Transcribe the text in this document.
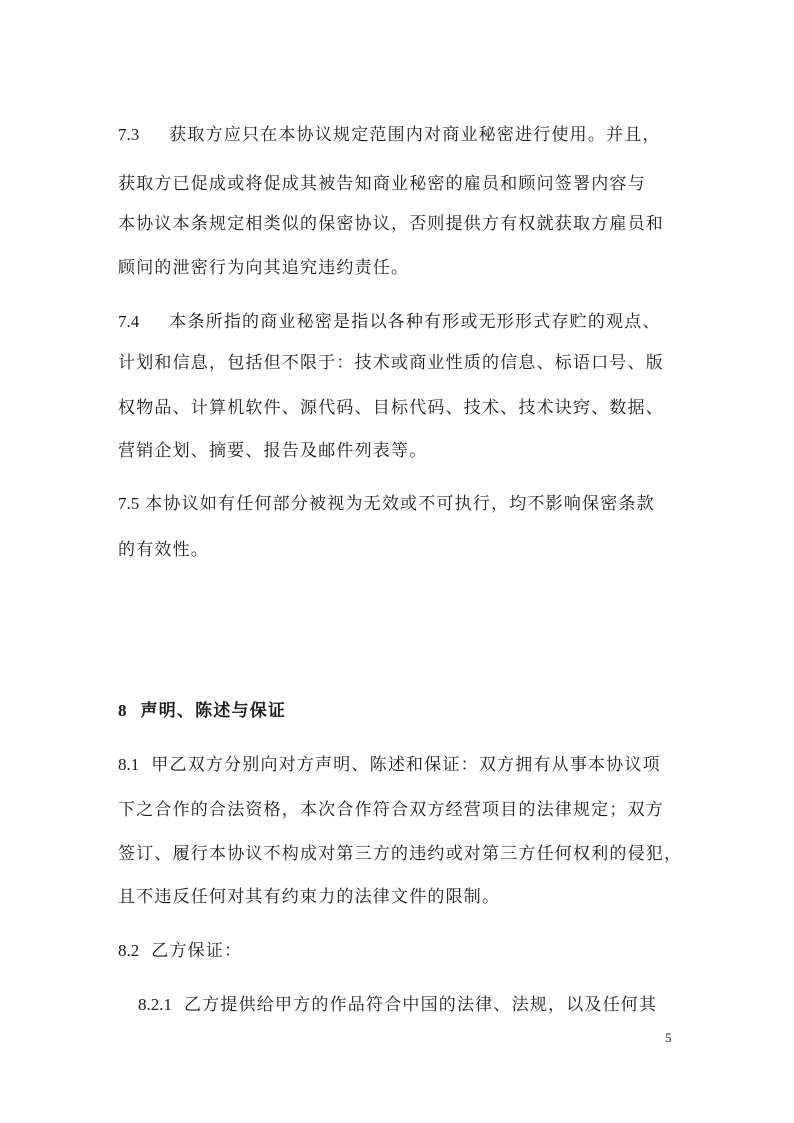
7.3 获取方应只在本协议规定范围内对商业秘密进行使用。并且，
获取方已促成或将促成其被告知商业秘密的雇员和顾问签署内容与
本协议本条规定相类似的保密协议，否则提供方有权就获取方雇员和
顾问的泄密行为向其追究违约责任。
7.4 本条所指的商业秘密是指以各种有形或无形形式存贮的观点、
计划和信息，包括但不限于：技术或商业性质的信息、标语口号、版
权物品、计算机软件、源代码、目标代码、技术、技术诀窍、数据、
营销企划、摘要、报告及邮件列表等。
7.5 本协议如有任何部分被视为无效或不可执行，均不影响保密条款
的有效性。
8 声明、陈述与保证
8.1 甲乙双方分别向对方声明、陈述和保证：双方拥有从事本协议项
下之合作的合法资格，本次合作符合双方经营项目的法律规定；双方
签订、履行本协议不构成对第三方的违约或对第三方任何权利的侵犯，
且不违反任何对其有约束力的法律文件的限制。
8.2 乙方保证：
8.2.1 乙方提供给甲方的作品符合中国的法律、法规，以及任何其
5
